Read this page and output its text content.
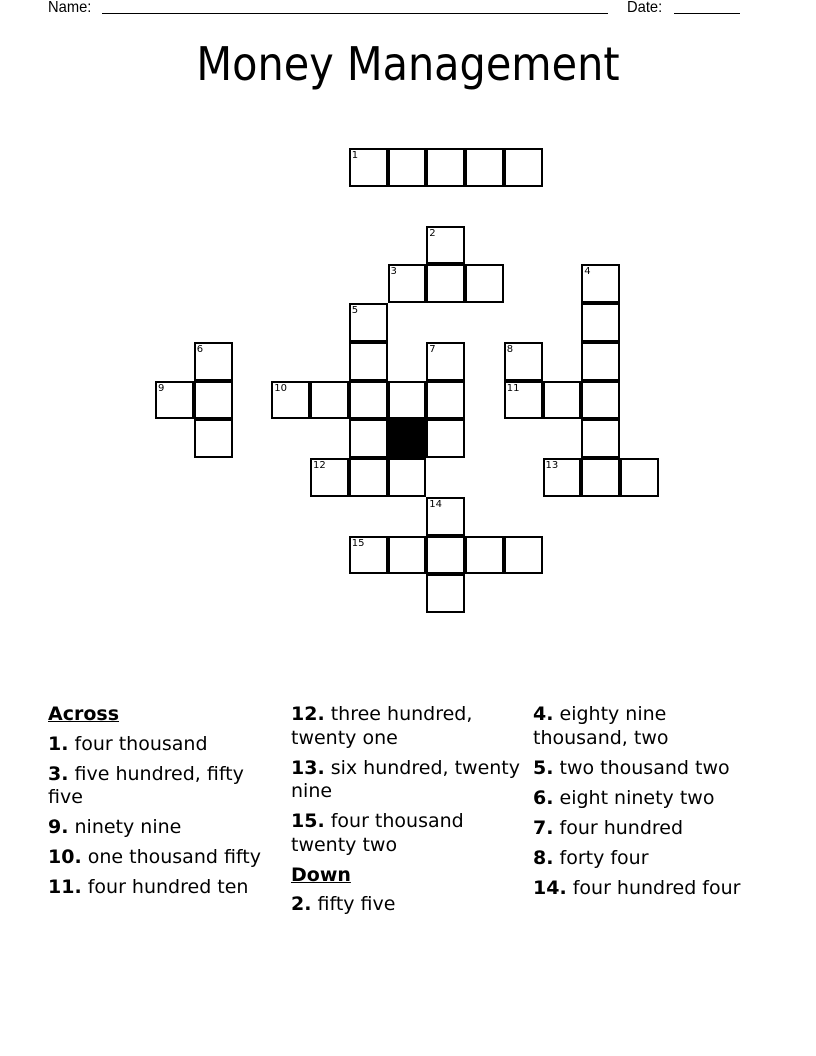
Name:	Date:
Money Management
1
2
3	4
5
6	7	8
9	10	11
12	13
14
15
Across
1. four thousand
3. five hundred, fifty five
9. ninety nine
10. one thousand fifty
11. four hundred ten
12. three hundred, twenty one
13. six hundred, twenty nine
15. four thousand twenty two
Down
2. fifty five
4. eighty nine thousand, two
5. two thousand two
6. eight ninety two
7. four hundred
8. forty four
14. four hundred four
